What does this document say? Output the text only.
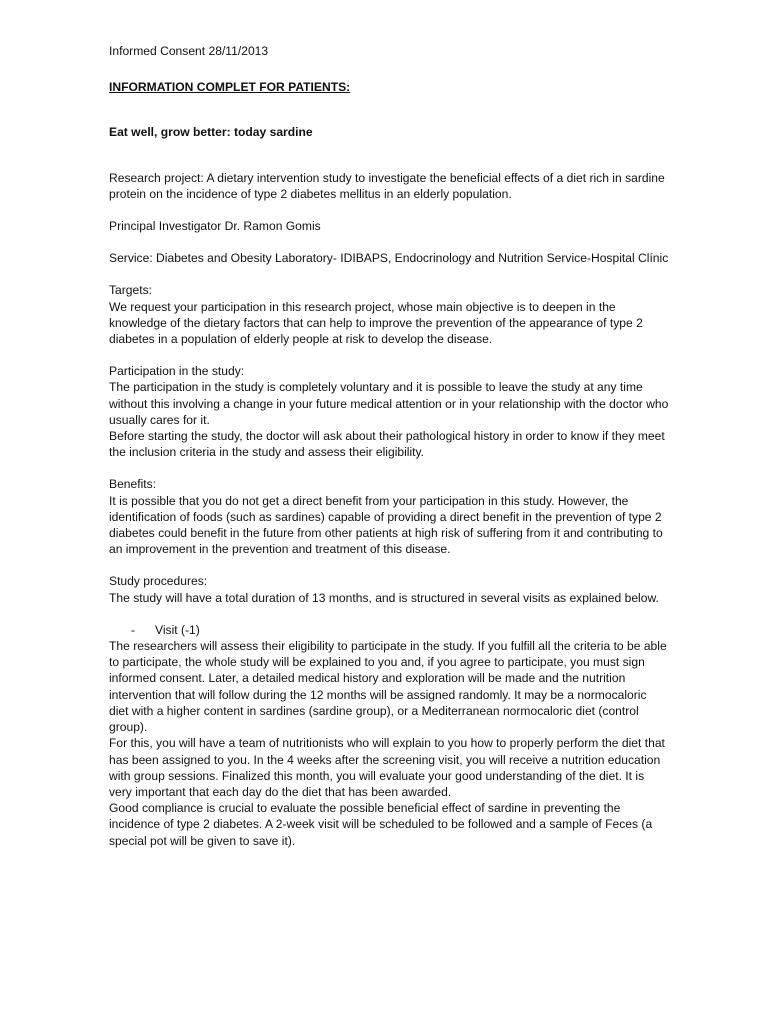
Informed Consent 28/11/2013

INFORMATION COMPLET FOR PATIENTS:

Eat well, grow better: today sardine

Research project: A dietary intervention study to investigate the beneficial effects of a diet rich in sardine protein on the incidence of type 2 diabetes mellitus in an elderly population.

Principal Investigator Dr. Ramon Gomis

Service: Diabetes and Obesity Laboratory- IDIBAPS, Endocrinology and Nutrition Service-Hospital Clínic

Targets:

We request your participation in this research project, whose main objective is to deepen in the knowledge of the dietary factors that can help to improve the prevention of the appearance of type 2 diabetes in a population of elderly people at risk to develop the disease.

Participation in the study:

The participation in the study is completely voluntary and it is possible to leave the study at any time without this involving a change in your future medical attention or in your relationship with the doctor who usually cares for it.

Before starting the study, the doctor will ask about their pathological history in order to know if they meet the inclusion criteria in the study and assess their eligibility.

Benefits:

It is possible that you do not get a direct benefit from your participation in this study. However, the identification of foods (such as sardines) capable of providing a direct benefit in the prevention of type 2 diabetes could benefit in the future from other patients at high risk of suffering from it and contributing to an improvement in the prevention and treatment of this disease.

Study procedures:

The study will have a total duration of 13 months, and is structured in several visits as explained below.

-	Visit (-1)

The researchers will assess their eligibility to participate in the study. If you fulfill all the criteria to be able to participate, the whole study will be explained to you and, if you agree to participate, you must sign informed consent. Later, a detailed medical history and exploration will be made and the nutrition intervention that will follow during the 12 months will be assigned randomly. It may be a normocaloric diet with a higher content in sardines (sardine group), or a Mediterranean normocaloric diet (control group).

For this, you will have a team of nutritionists who will explain to you how to properly perform the diet that has been assigned to you. In the 4 weeks after the screening visit, you will receive a nutrition education with group sessions. Finalized this month, you will evaluate your good understanding of the diet. It is very important that each day do the diet that has been awarded.

Good compliance is crucial to evaluate the possible beneficial effect of sardine in preventing the incidence of type 2 diabetes. A 2-week visit will be scheduled to be followed and a sample of Feces (a special pot will be given to save it).
